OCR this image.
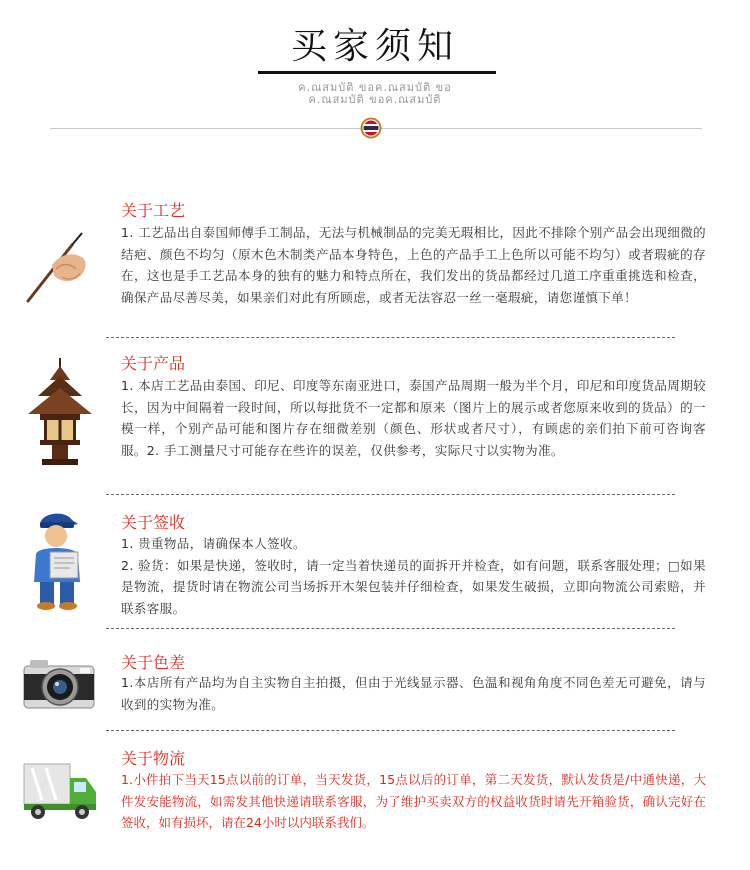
买家须知
ค.ณสมบัติ ขอค.ณสมบัติ ขอ
ค.ณสมบัติ ขอค.ณสมบัติ
关于工艺

1. 工艺品出自泰国师傅手工制品，无法与机械制品的完美无瑕相比，因此不排除个别产品会出现细微的结疤、颜色不均匀（原木色木制类产品本身特色，上色的产品手工上色所以可能不均匀）或者瑕疵的存在，这也是手工艺品本身的独有的魅力和特点所在，我们发出的货品都经过几道工序重重挑选和检查，确保产品尽善尽美，如果亲们对此有所顾虑，或者无法容忍一丝一毫瑕疵，请您谨慎下单！

关于产品

1. 本店工艺品由泰国、印尼、印度等东南亚进口，泰国产品周期一般为半个月，印尼和印度货品周期较长，因为中间隔着一段时间，所以每批货不一定都和原来（图片上的展示或者您原来收到的货品）的一模一样，个别产品可能和图片存在细微差别（颜色、形状或者尺寸），有顾虑的亲们拍下前可咨询客服。2. 手工测量尺寸可能存在些许的误差，仅供参考，实际尺寸以实物为准。

关于签收

1. 贵重物品，请确保本人签收。

2. 验货：如果是快递，签收时，请一定当着快递员的面拆开并检查，如有问题，联系客服处理；□如果是物流，提货时请在物流公司当场拆开木架包装并仔细检查，如果发生破损，立即向物流公司索赔，并联系客服。

关于色差

1.本店所有产品均为自主实物自主拍摄，但由于光线显示器、色温和视角角度不同色差无可避免，请与收到的实物为准。

关于物流

1.小件拍下当天15点以前的订单，当天发货，15点以后的订单，第二天发货，默认发货是/中通快递，大件发安能物流，如需发其他快递请联系客服，为了维护买卖双方的权益收货时请先开箱验货，确认完好在签收，如有损坏，请在24小时以内联系我们。
